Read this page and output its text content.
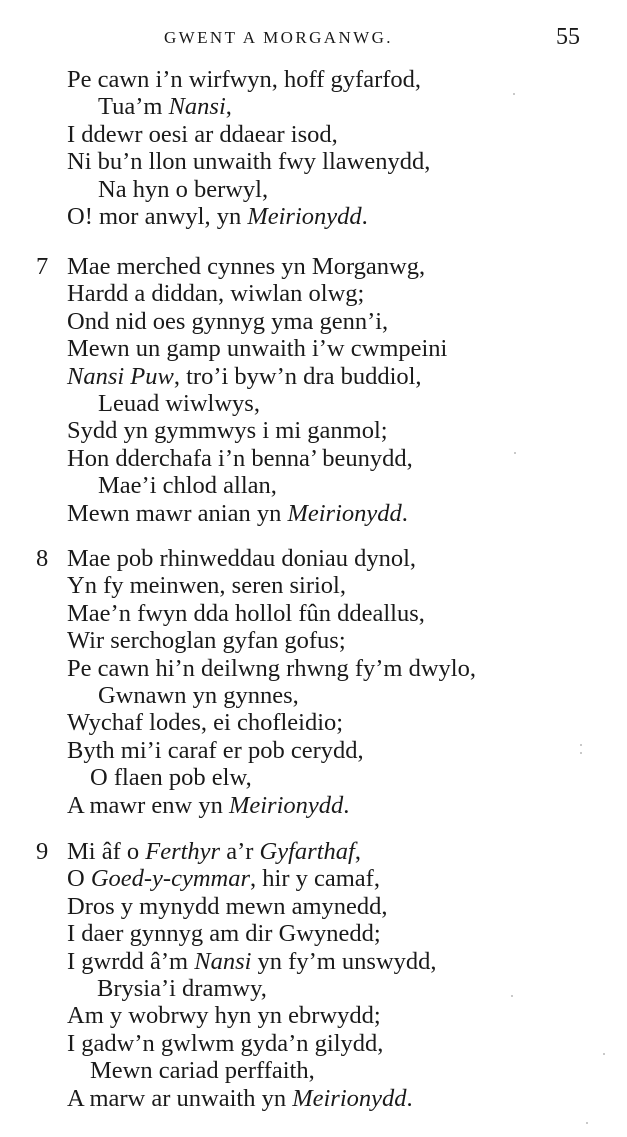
GWENT A MORGANWG.	55
Pe cawn i’n wirfwyn, hoff gyfarfod,
Tua’m Nansi,
I ddewr oesi ar ddaear isod,
Ni bu’n llon unwaith fwy llawenydd,
Na hyn o berwyl,
O! mor anwyl, yn Meirionydd.
7 Mae merched cynnes yn Morganwg,
Hardd a diddan, wiwlan olwg;
Ond nid oes gynnyg yma genn’i,
Mewn un gamp unwaith i’w cwmpeini
Nansi Puw, tro’i byw’n dra buddiol,
Leuad wiwlwys,
Sydd yn gymmwys i mi ganmol;
Hon dderchafa i’n benna’ beunydd,
Mae’i chlod allan,
Mewn mawr anian yn Meirionydd.
8 Mae pob rhinweddau doniau dynol,
Yn fy meinwen, seren siriol,
Mae’n fwyn dda hollol fûn ddeallus,
Wir serchoglan gyfan gofus;
Pe cawn hi’n deilwng rhwng fy’m dwylo,
Gwnawn yn gynnes,
Wychaf lodes, ei chofleidio;
Byth mi’i caraf er pob cerydd,
O flaen pob elw,
A mawr enw yn Meirionydd.
9 Mi âf o Ferthyr a’r Gyfarthaf,
O Goed-y-cymmar, hir y camaf,
Dros y mynydd mewn amynedd,
I daer gynnyg am dir Gwynedd;
I gwrdd â’m Nansi yn fy’m unswydd,
Brysia’i dramwy,
Am y wobrwy hyn yn ebrwydd;
I gadw’n gwlwm gyda’n gilydd,
Mewn cariad perffaith,
A marw ar unwaith yn Meirionydd.
